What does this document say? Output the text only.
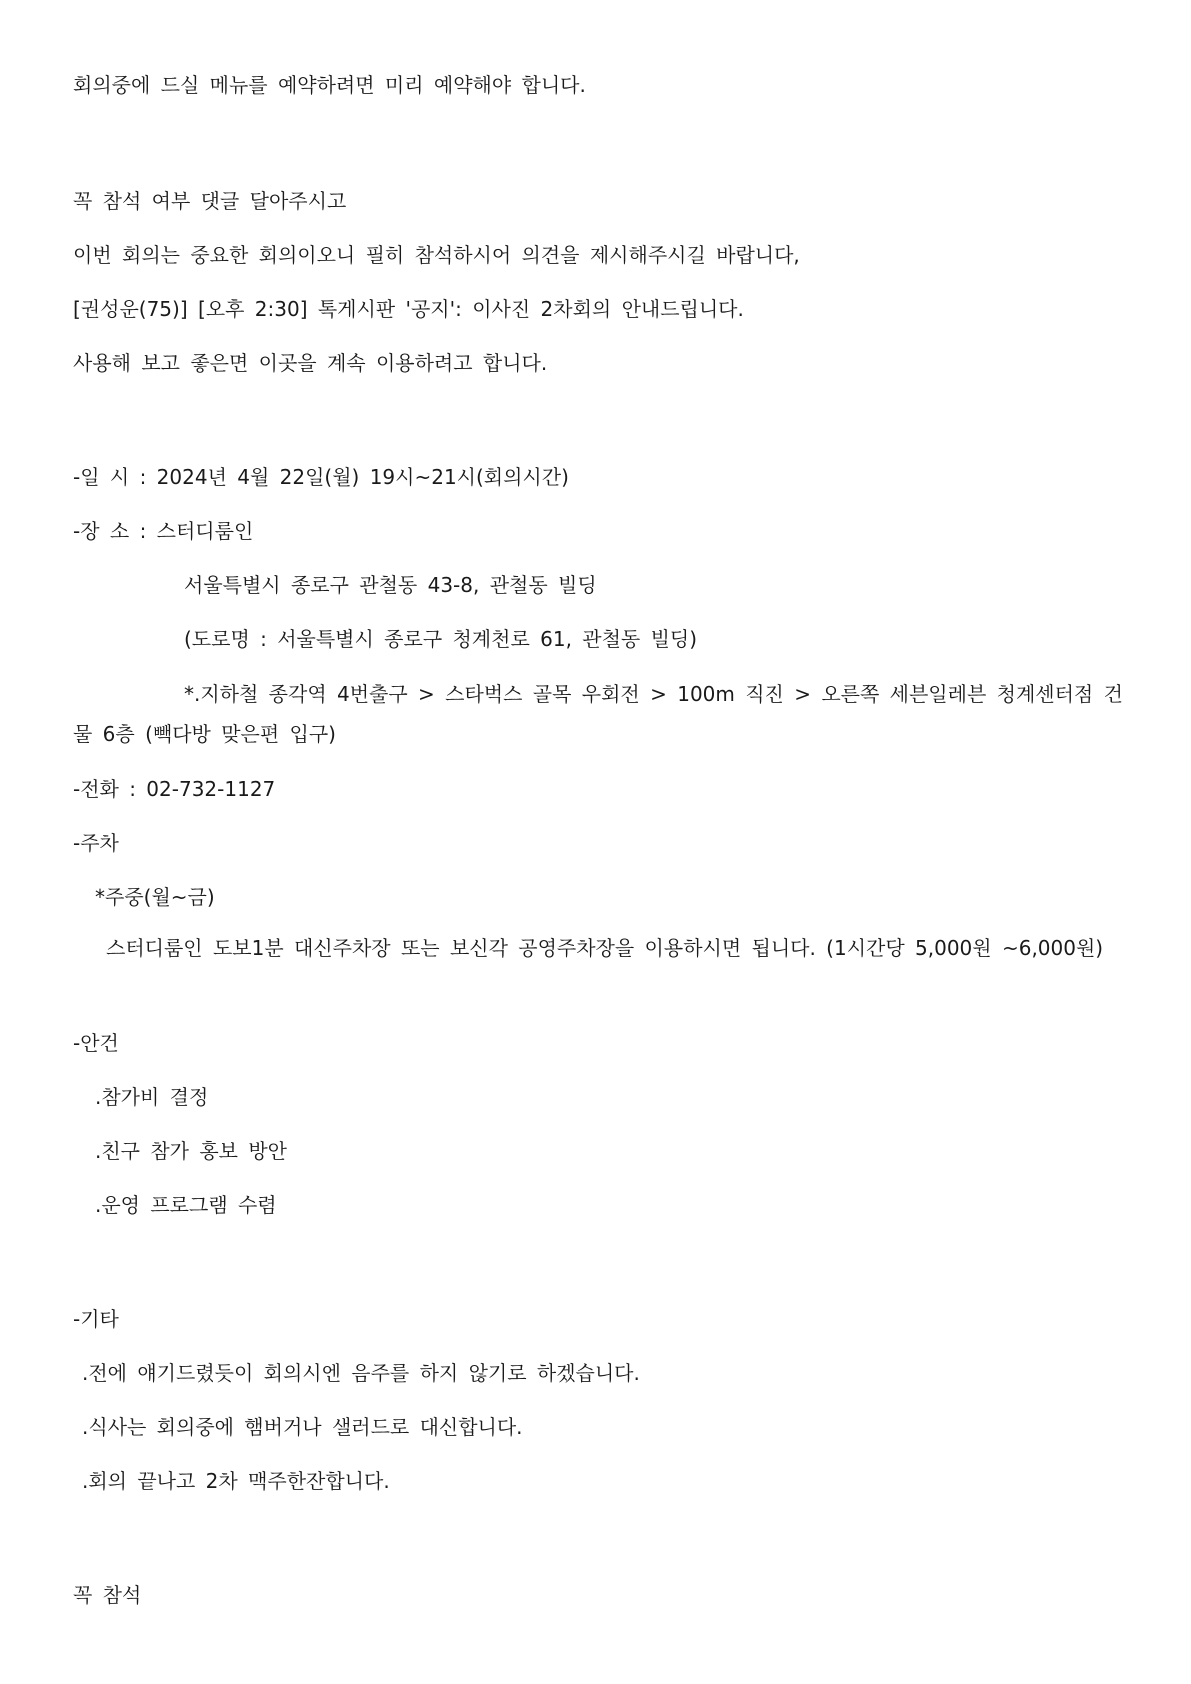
회의중에 드실 메뉴를 예약하려면 미리 예약해야 합니다.
꼭 참석 여부 댓글 달아주시고
이번 회의는 중요한 회의이오니 필히 참석하시어 의견을 제시해주시길 바랍니다,
[권성운(75)] [오후 2:30] 톡게시판 '공지': 이사진 2차회의 안내드립니다.
사용해 보고 좋은면 이곳을 계속 이용하려고 합니다.
-일 시 : 2024년 4월 22일(월) 19시~21시(회의시간)
-장 소 : 스터디룸인
서울특별시 종로구 관철동 43-8, 관철동 빌딩
(도로명 : 서울특별시 종로구 청계천로 61, 관철동 빌딩)
*.지하철 종각역 4번출구 > 스타벅스 골목 우회전 > 100m 직진 > 오른쪽 세븐일레븐 청계센터점 건물 6층 (빽다방 맞은편 입구)
-전화 : 02-732-1127
-주차
*주중(월~금)
스터디룸인 도보1분 대신주차장 또는 보신각 공영주차장을 이용하시면 됩니다. (1시간당 5,000원 ~6,000원)
-안건
.참가비 결정
.친구 참가 홍보 방안
.운영 프로그램 수렴
-기타
.전에 얘기드렸듯이 회의시엔 음주를 하지 않기로 하겠습니다.
.식사는 회의중에 햄버거나 샐러드로 대신합니다.
.회의 끝나고 2차 맥주한잔합니다.
꼭 참석
